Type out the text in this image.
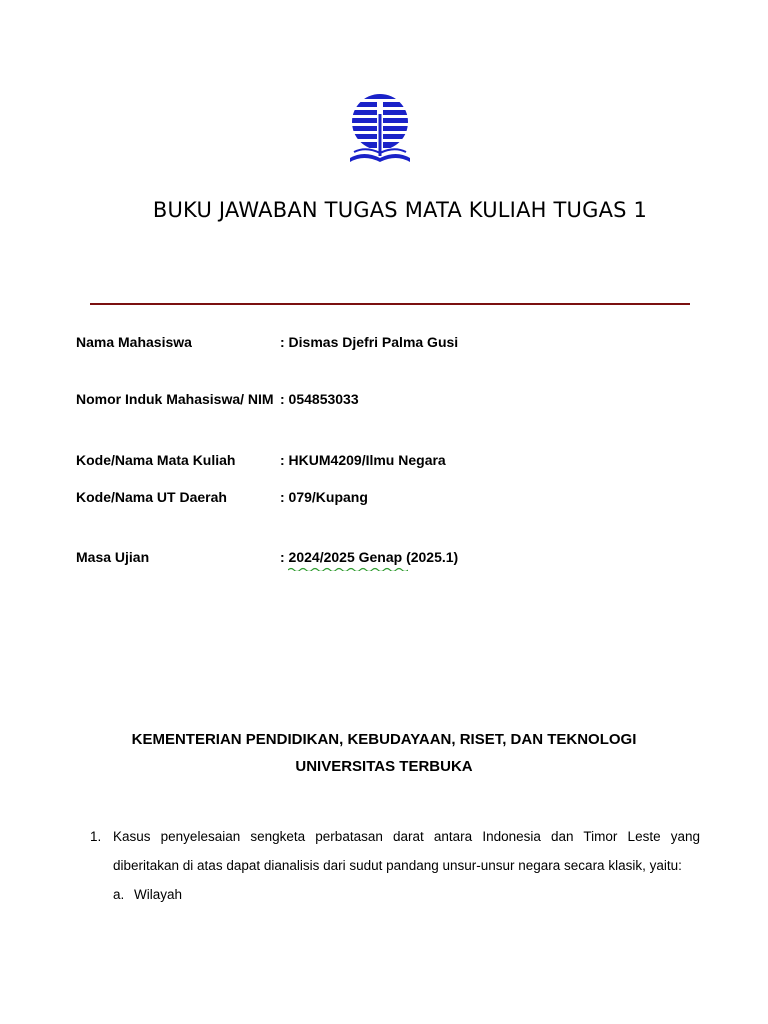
BUKU JAWABAN TUGAS MATA KULIAH TUGAS 1
Nama Mahasiswa	: Dismas Djefri Palma Gusi
Nomor Induk Mahasiswa/ NIM : 054853033
Kode/Nama Mata Kuliah	: HKUM4209/Ilmu Negara
Kode/Nama UT Daerah	: 079/Kupang
Masa Ujian	: 2024/2025 Genap (2025.1)
KEMENTERIAN PENDIDIKAN, KEBUDAYAAN, RISET, DAN TEKNOLOGI
UNIVERSITAS TERBUKA
1. Kasus penyelesaian sengketa perbatasan darat antara Indonesia dan Timor Leste yang diberitakan di atas dapat dianalisis dari sudut pandang unsur-unsur negara secara klasik, yaitu:
a. Wilayah
